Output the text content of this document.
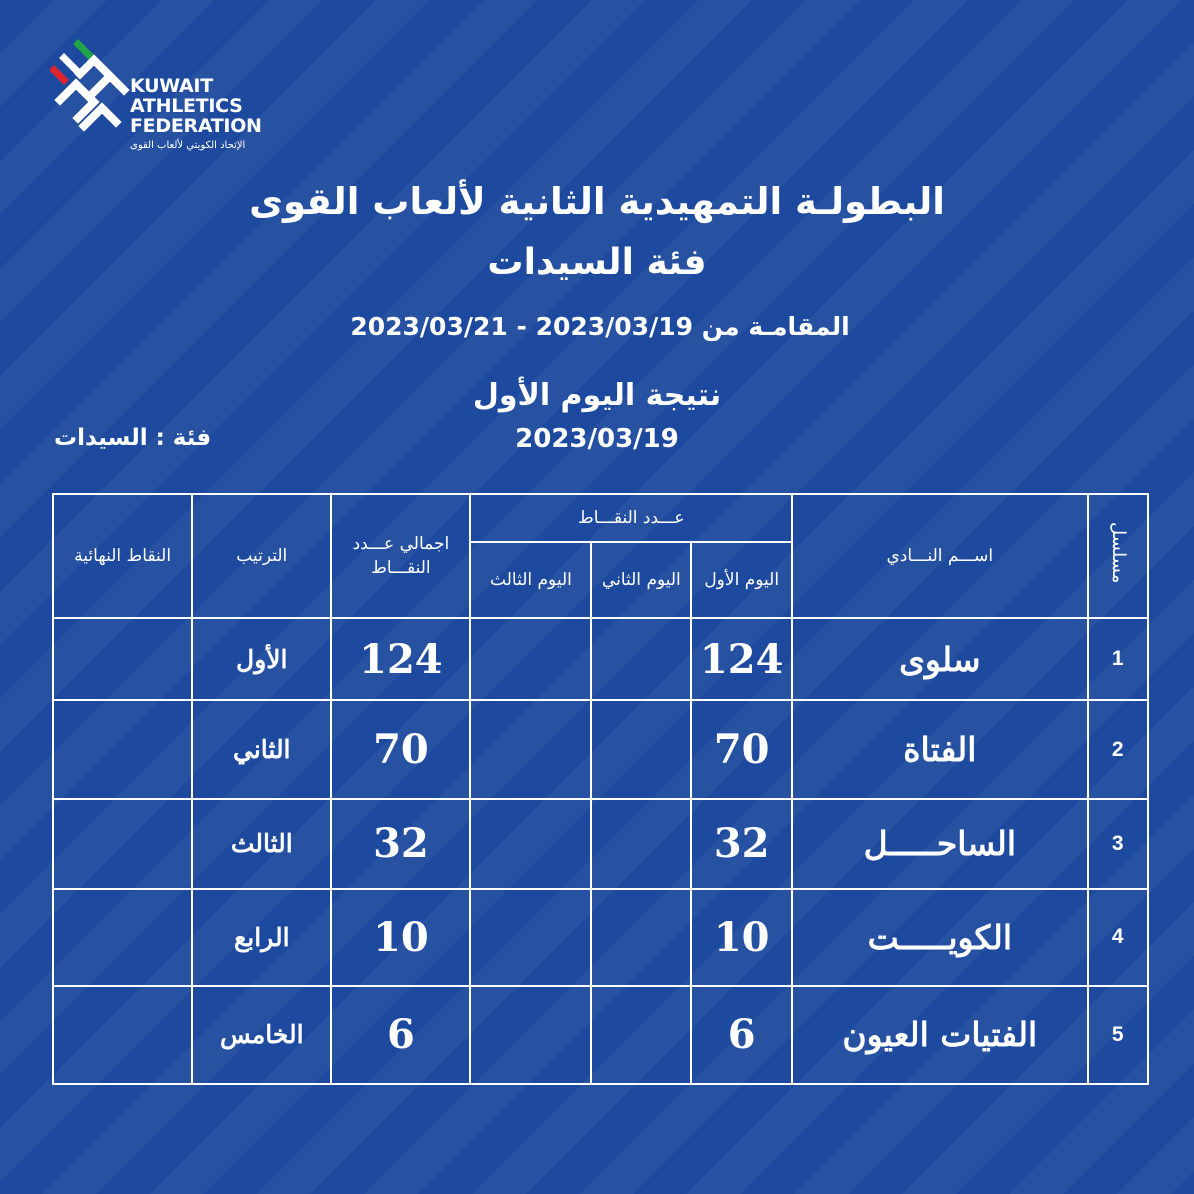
KUWAIT
ATHLETICS
FEDERATION
الإتحاد الكويتي لألعاب القوى
البطولـة التمهيدية الثانية لألعاب القوى
فئة السيدات
المقامـة من 2023/03/19 - 2023/03/21
نتيجة اليوم الأول
2023/03/19
فئة : السيدات
مسلسل	اســـم النـــادي	عـــدد النقـــاط			اجمالي عـــدد النقـــاط	الترتيب	النقاط النهائية
		اليوم الأول	اليوم الثاني	اليوم الثالث			
1	سلوى	124			124	الأول	
2	الفتاة	70			70	الثاني	
3	الساحـــــل	32			32	الثالث	
4	الكويـــــت	10			10	الرابع	
5	الفتيات العيون	6			6	الخامس	
